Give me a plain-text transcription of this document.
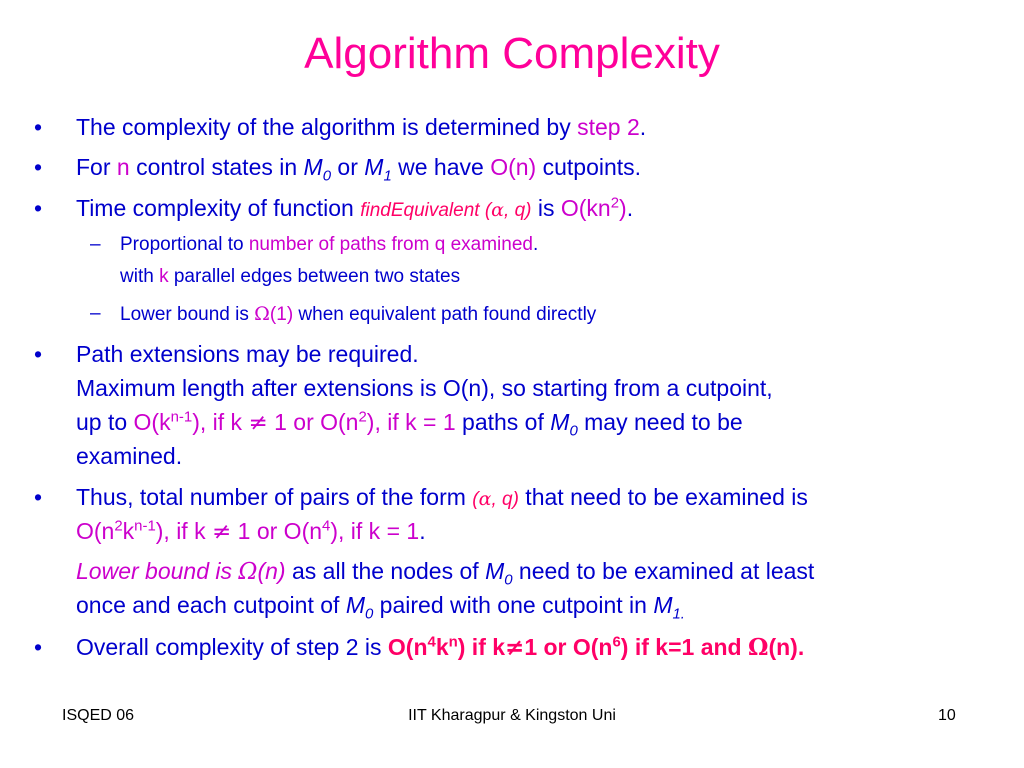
Algorithm Complexity
• The complexity of the algorithm is determined by step 2.
• For n control states in $M_0$ or $M_1$ we have O(n) cutpoints.
• Time complexity of function findEquivalent (α, q) is $O(kn^2)$.
– Proportional to number of paths from q examined.
with k parallel edges between two states
– Lower bound is Ω(1) when equivalent path found directly
• Path extensions may be required.
Maximum length after extensions is O(n), so starting from a cutpoint,
up to $O(k^{n-1})$, if k ≠ 1 or $O(n^2)$, if k = 1 paths of $M_0$ may need to be
examined.
• Thus, total number of pairs of the form (α, q) that need to be examined is
$O(n^2k^{n-1})$, if k ≠ 1 or $O(n^4)$, if k = 1.
Lower bound is Ω(n) as all the nodes of $M_0$ need to be examined at least
once and each cutpoint of $M_0$ paired with one cutpoint in $M_{1.}$
• Overall complexity of step 2 is $O(n^4k^n)$ if k≠1 or $O(n^6)$ if k=1 and Ω(n).
ISQED 06	IIT Kharagpur & Kingston Uni	10
